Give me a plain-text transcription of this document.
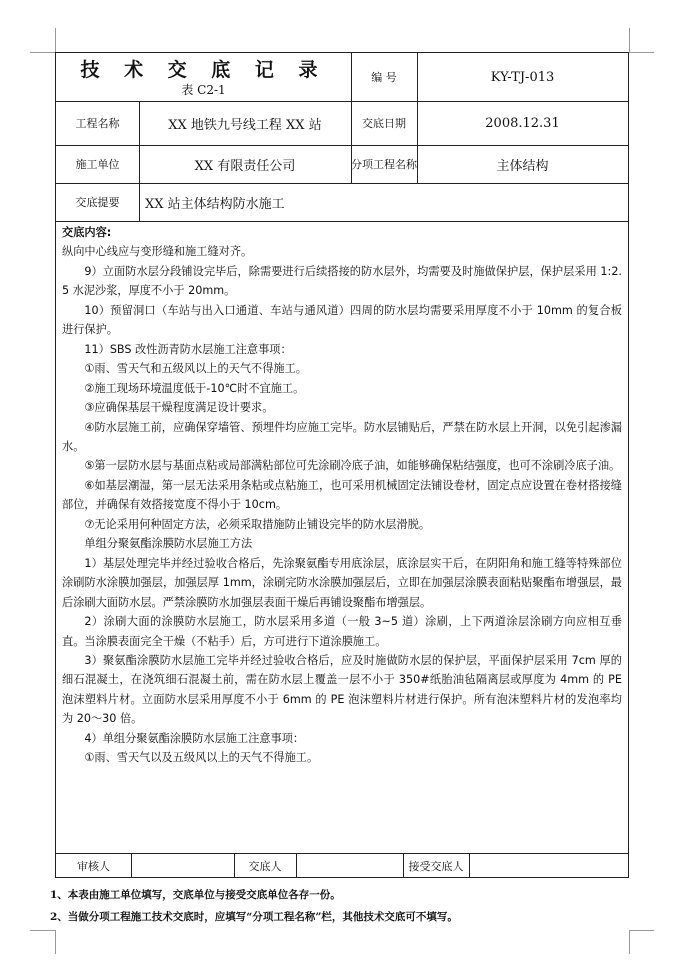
技 术 交 底 记 录
表 C2-1
编 号	KY-TJ-013
工程名称	XX 地铁九号线工程 XX 站	交底日期	2008.12.31
施工单位	XX 有限责任公司	分项工程名称	主体结构
交底提要	XX 站主体结构防水施工

交底内容:

纵向中心线应与变形缝和施工缝对齐。

9）立面防水层分段铺设完毕后，除需要进行后续搭接的防水层外，均需要及时施做保护层，保护层采用 1:2.5 水泥沙浆，厚度不小于 20mm。

10）预留洞口（车站与出入口通道、车站与通风道）四周的防水层均需要采用厚度不小于 10mm 的复合板进行保护。

11）SBS 改性沥青防水层施工注意事项：

①雨、雪天气和五级风以上的天气不得施工。

②施工现场环境温度低于-10℃时不宜施工。

③应确保基层干燥程度满足设计要求。

④防水层施工前，应确保穿墙管、预埋件均应施工完毕。防水层铺贴后，严禁在防水层上开洞，以免引起渗漏水。

⑤第一层防水层与基面点粘或局部满粘部位可先涂刷冷底子油，如能够确保粘结强度，也可不涂刷冷底子油。

⑥如基层潮湿，第一层无法采用条粘或点粘施工，也可采用机械固定法铺设卷材，固定点应设置在卷材搭接缝部位，并确保有效搭接宽度不得小于 10cm。

⑦无论采用何种固定方法，必须采取措施防止铺设完毕的防水层滑脱。

单组分聚氨酯涂膜防水层施工方法

1）基层处理完毕并经过验收合格后，先涂聚氨酯专用底涂层，底涂层实干后，在阴阳角和施工缝等特殊部位涂刷防水涂膜加强层，加强层厚 1mm，涂刷完防水涂膜加强层后，立即在加强层涂膜表面粘贴聚酯布增强层，最后涂刷大面防水层。严禁涂膜防水加强层表面干燥后再铺设聚酯布增强层。

2）涂刷大面的涂膜防水层施工，防水层采用多道（一般 3~5 道）涂刷，上下两道涂层涂刷方向应相互垂直。当涂膜表面完全干燥（不粘手）后，方可进行下道涂膜施工。

3）聚氨酯涂膜防水层施工完毕并经过验收合格后，应及时施做防水层的保护层，平面保护层采用 7cm 厚的细石混凝土，在浇筑细石混凝土前，需在防水层上覆盖一层不小于 350#纸胎油毡隔离层或厚度为 4mm 的 PE 泡沫塑料片材。立面防水层采用厚度不小于 6mm 的 PE 泡沫塑料片材进行保护。所有泡沫塑料片材的发泡率均为 20～30 倍。

4）单组分聚氨酯涂膜防水层施工注意事项：

①雨、雪天气以及五级风以上的天气不得施工。

审核人	交底人	接受交底人
1、本表由施工单位填写，交底单位与接受交底单位各存一份。
2、当做分项工程施工技术交底时，应填写“分项工程名称”栏，其他技术交底可不填写。
